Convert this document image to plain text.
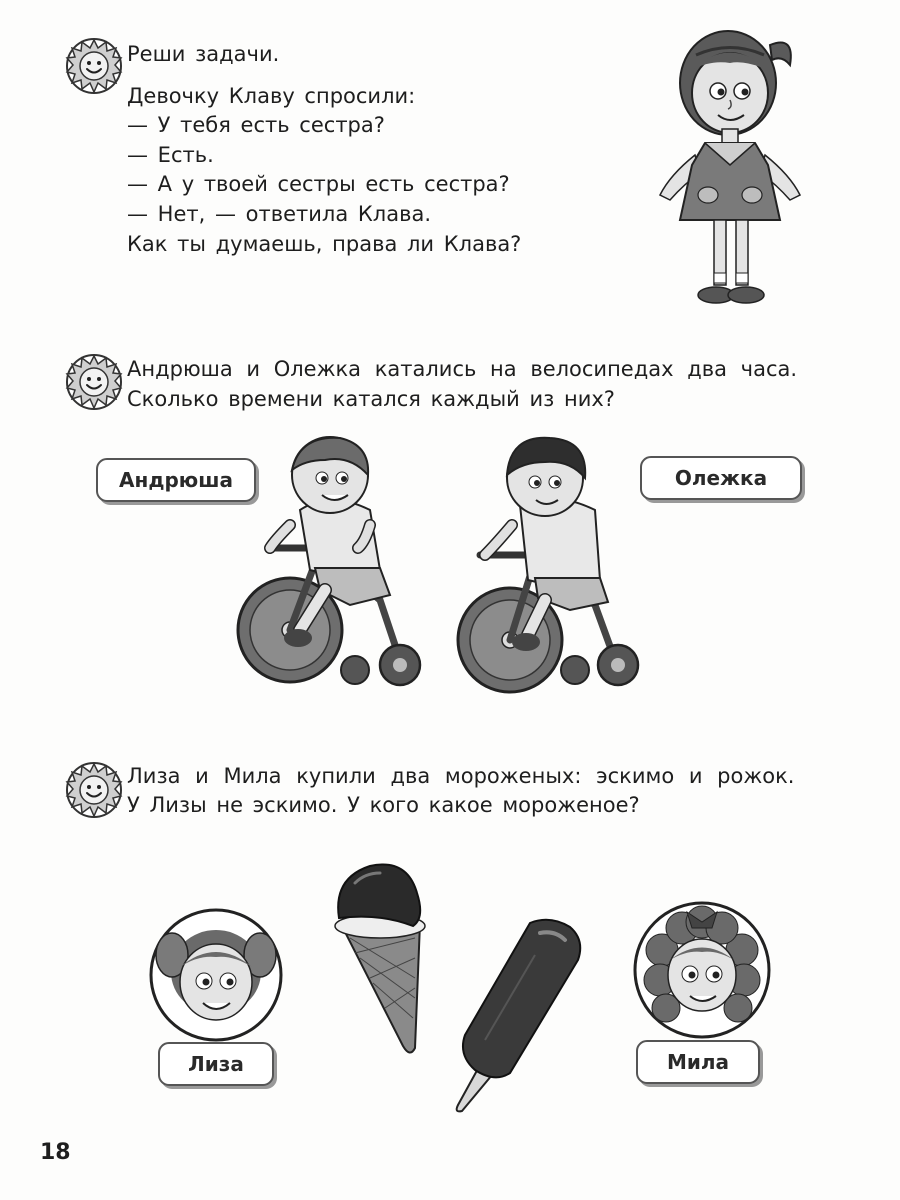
Реши задачи.
Девочку Клаву спросили:
— У тебя есть сестра?
— Есть.
— А у твоей сестры есть сестра?
— Нет, — ответила Клава.
Как ты думаешь, права ли Клава?
Андрюша и Олежка катались на велосипедах два часа.
Сколько времени катался каждый из них?
Андрюша	Олежка
Лиза и Мила купили два мороженых: эскимо и рожок.
У Лизы не эскимо. У кого какое мороженое?
Лиза	Мила
18
